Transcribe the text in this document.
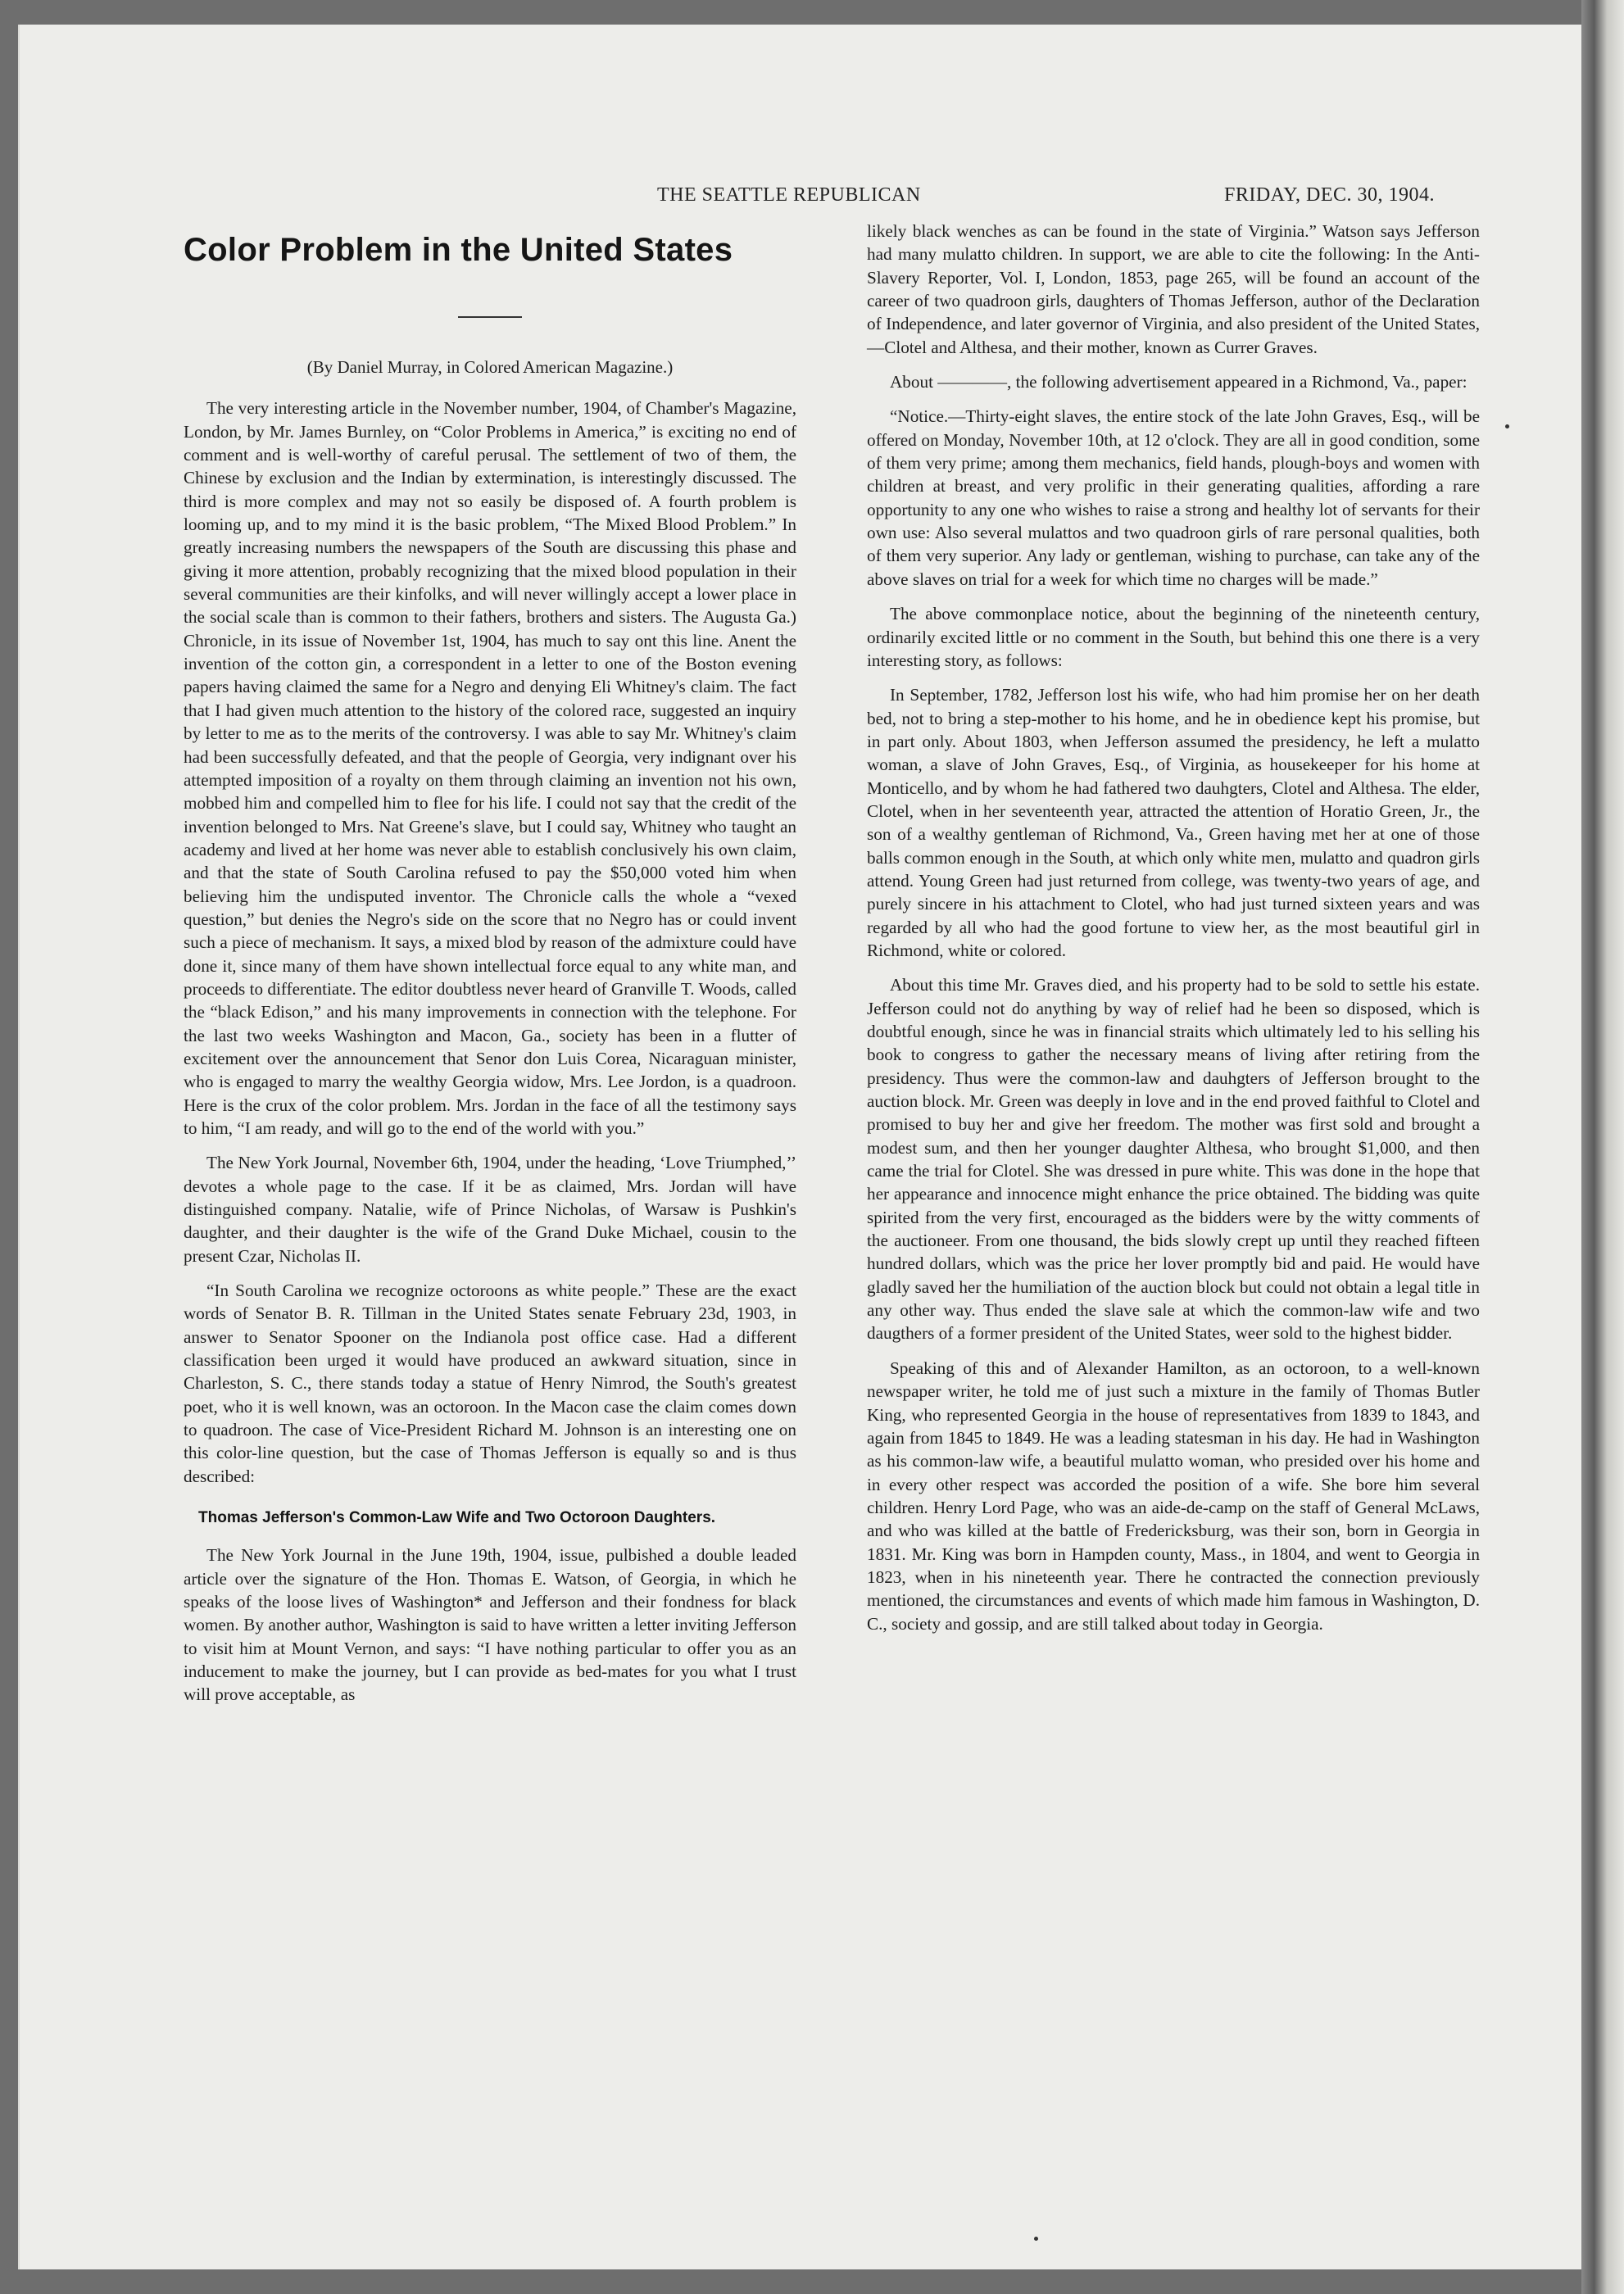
THE SEATTLE REPUBLICAN	FRIDAY, DEC. 30, 1904.
Color Problem in the United States

(By Daniel Murray, in Colored American Magazine.)

The very interesting article in the November number, 1904, of Chamber's Magazine, London, by Mr. James Burnley, on “Color Problems in America,” is exciting no end of comment and is well-worthy of careful perusal. The settlement of two of them, the Chinese by exclusion and the Indian by extermination, is interestingly discussed. The third is more complex and may not so easily be disposed of. A fourth problem is looming up, and to my mind it is the basic problem, “The Mixed Blood Problem.” In greatly increasing numbers the newspapers of the South are discussing this phase and giving it more attention, probably recognizing that the mixed blood population in their several communities are their kinfolks, and will never willingly accept a lower place in the social scale than is common to their fathers, brothers and sisters. The Augusta Ga.) Chronicle, in its issue of November 1st, 1904, has much to say ont this line. Anent the invention of the cotton gin, a correspondent in a letter to one of the Boston evening papers having claimed the same for a Negro and denying Eli Whitney's claim. The fact that I had given much attention to the history of the colored race, suggested an inquiry by letter to me as to the merits of the controversy. I was able to say Mr. Whitney's claim had been successfully defeated, and that the people of Georgia, very indignant over his attempted imposition of a royalty on them through claiming an invention not his own, mobbed him and compelled him to flee for his life. I could not say that the credit of the invention belonged to Mrs. Nat Greene's slave, but I could say, Whitney who taught an academy and lived at her home was never able to establish conclusively his own claim, and that the state of South Carolina refused to pay the $50,000 voted him when believing him the undisputed inventor. The Chronicle calls the whole a “vexed question,” but denies the Negro's side on the score that no Negro has or could invent such a piece of mechanism. It says, a mixed blod by reason of the admixture could have done it, since many of them have shown intellectual force equal to any white man, and proceeds to differentiate. The editor doubtless never heard of Granville T. Woods, called the “black Edison,” and his many improvements in connection with the telephone. For the last two weeks Washington and Macon, Ga., society has been in a flutter of excitement over the announcement that Senor don Luis Corea, Nicaraguan minister, who is engaged to marry the wealthy Georgia widow, Mrs. Lee Jordon, is a quadroon. Here is the crux of the color problem. Mrs. Jordan in the face of all the testimony says to him, “I am ready, and will go to the end of the world with you.”

The New York Journal, November 6th, 1904, under the heading, ‘Love Triumphed,’’ devotes a whole page to the case. If it be as claimed, Mrs. Jordan will have distinguished company. Natalie, wife of Prince Nicholas, of Warsaw is Pushkin's daughter, and their daughter is the wife of the Grand Duke Michael, cousin to the present Czar, Nicholas II.

“In South Carolina we recognize octoroons as white people.” These are the exact words of Senator B. R. Tillman in the United States senate February 23d, 1903, in answer to Senator Spooner on the Indianola post office case. Had a different classification been urged it would have produced an awkward situation, since in Charleston, S. C., there stands today a statue of Henry Nimrod, the South's greatest poet, who it is well known, was an octoroon. In the Macon case the claim comes down to quadroon. The case of Vice-President Richard M. Johnson is an interesting one on this color-line question, but the case of Thomas Jefferson is equally so and is thus described:

Thomas Jefferson's Common-Law Wife and Two Octoroon Daughters.

The New York Journal in the June 19th, 1904, issue, pulbished a double leaded article over the signature of the Hon. Thomas E. Watson, of Georgia, in which he speaks of the loose lives of Washington* and Jefferson and their fondness for black women. By another author, Washington is said to have written a letter inviting Jefferson to visit him at Mount Vernon, and says: “I have nothing particular to offer you as an inducement to make the journey, but I can provide as bed-mates for you what I trust will prove acceptable, as

likely black wenches as can be found in the state of Virginia.” Watson says Jefferson had many mulatto children. In support, we are able to cite the following: In the Anti-Slavery Reporter, Vol. I, London, 1853, page 265, will be found an account of the career of two quadroon girls, daughters of Thomas Jefferson, author of the Declaration of Independence, and later governor of Virginia, and also president of the United States,—Clotel and Althesa, and their mother, known as Currer Graves.

About ————, the following advertisement appeared in a Richmond, Va., paper:

“Notice.—Thirty-eight slaves, the entire stock of the late John Graves, Esq., will be offered on Monday, November 10th, at 12 o'clock. They are all in good condition, some of them very prime; among them mechanics, field hands, plough-boys and women with children at breast, and very prolific in their generating qualities, affording a rare opportunity to any one who wishes to raise a strong and healthy lot of servants for their own use: Also several mulattos and two quadroon girls of rare personal qualities, both of them very superior. Any lady or gentleman, wishing to purchase, can take any of the above slaves on trial for a week for which time no charges will be made.”

The above commonplace notice, about the beginning of the nineteenth century, ordinarily excited little or no comment in the South, but behind this one there is a very interesting story, as follows:

In September, 1782, Jefferson lost his wife, who had him promise her on her death bed, not to bring a step-mother to his home, and he in obedience kept his promise, but in part only. About 1803, when Jefferson assumed the presidency, he left a mulatto woman, a slave of John Graves, Esq., of Virginia, as housekeeper for his home at Monticello, and by whom he had fathered two dauhgters, Clotel and Althesa. The elder, Clotel, when in her seventeenth year, attracted the attention of Horatio Green, Jr., the son of a wealthy gentleman of Richmond, Va., Green having met her at one of those balls common enough in the South, at which only white men, mulatto and quadron girls attend. Young Green had just returned from college, was twenty-two years of age, and purely sincere in his attachment to Clotel, who had just turned sixteen years and was regarded by all who had the good fortune to view her, as the most beautiful girl in Richmond, white or colored.

About this time Mr. Graves died, and his property had to be sold to settle his estate. Jefferson could not do anything by way of relief had he been so disposed, which is doubtful enough, since he was in financial straits which ultimately led to his selling his book to congress to gather the necessary means of living after retiring from the presidency. Thus were the common-law and dauhgters of Jefferson brought to the auction block. Mr. Green was deeply in love and in the end proved faithful to Clotel and promised to buy her and give her freedom. The mother was first sold and brought a modest sum, and then her younger daughter Althesa, who brought $1,000, and then came the trial for Clotel. She was dressed in pure white. This was done in the hope that her appearance and innocence might enhance the price obtained. The bidding was quite spirited from the very first, encouraged as the bidders were by the witty comments of the auctioneer. From one thousand, the bids slowly crept up until they reached fifteen hundred dollars, which was the price her lover promptly bid and paid. He would have gladly saved her the humiliation of the auction block but could not obtain a legal title in any other way. Thus ended the slave sale at which the common-law wife and two daugthers of a former president of the United States, weer sold to the highest bidder.

Speaking of this and of Alexander Hamilton, as an octoroon, to a well-known newspaper writer, he told me of just such a mixture in the family of Thomas Butler King, who represented Georgia in the house of representatives from 1839 to 1843, and again from 1845 to 1849. He was a leading statesman in his day. He had in Washington as his common-law wife, a beautiful mulatto woman, who presided over his home and in every other respect was accorded the position of a wife. She bore him several children. Henry Lord Page, who was an aide-de-camp on the staff of General McLaws, and who was killed at the battle of Fredericksburg, was their son, born in Georgia in 1831. Mr. King was born in Hampden county, Mass., in 1804, and went to Georgia in 1823, when in his nineteenth year. There he contracted the connection previously mentioned, the circumstances and events of which made him famous in Washington, D. C., society and gossip, and are still talked about today in Georgia.
